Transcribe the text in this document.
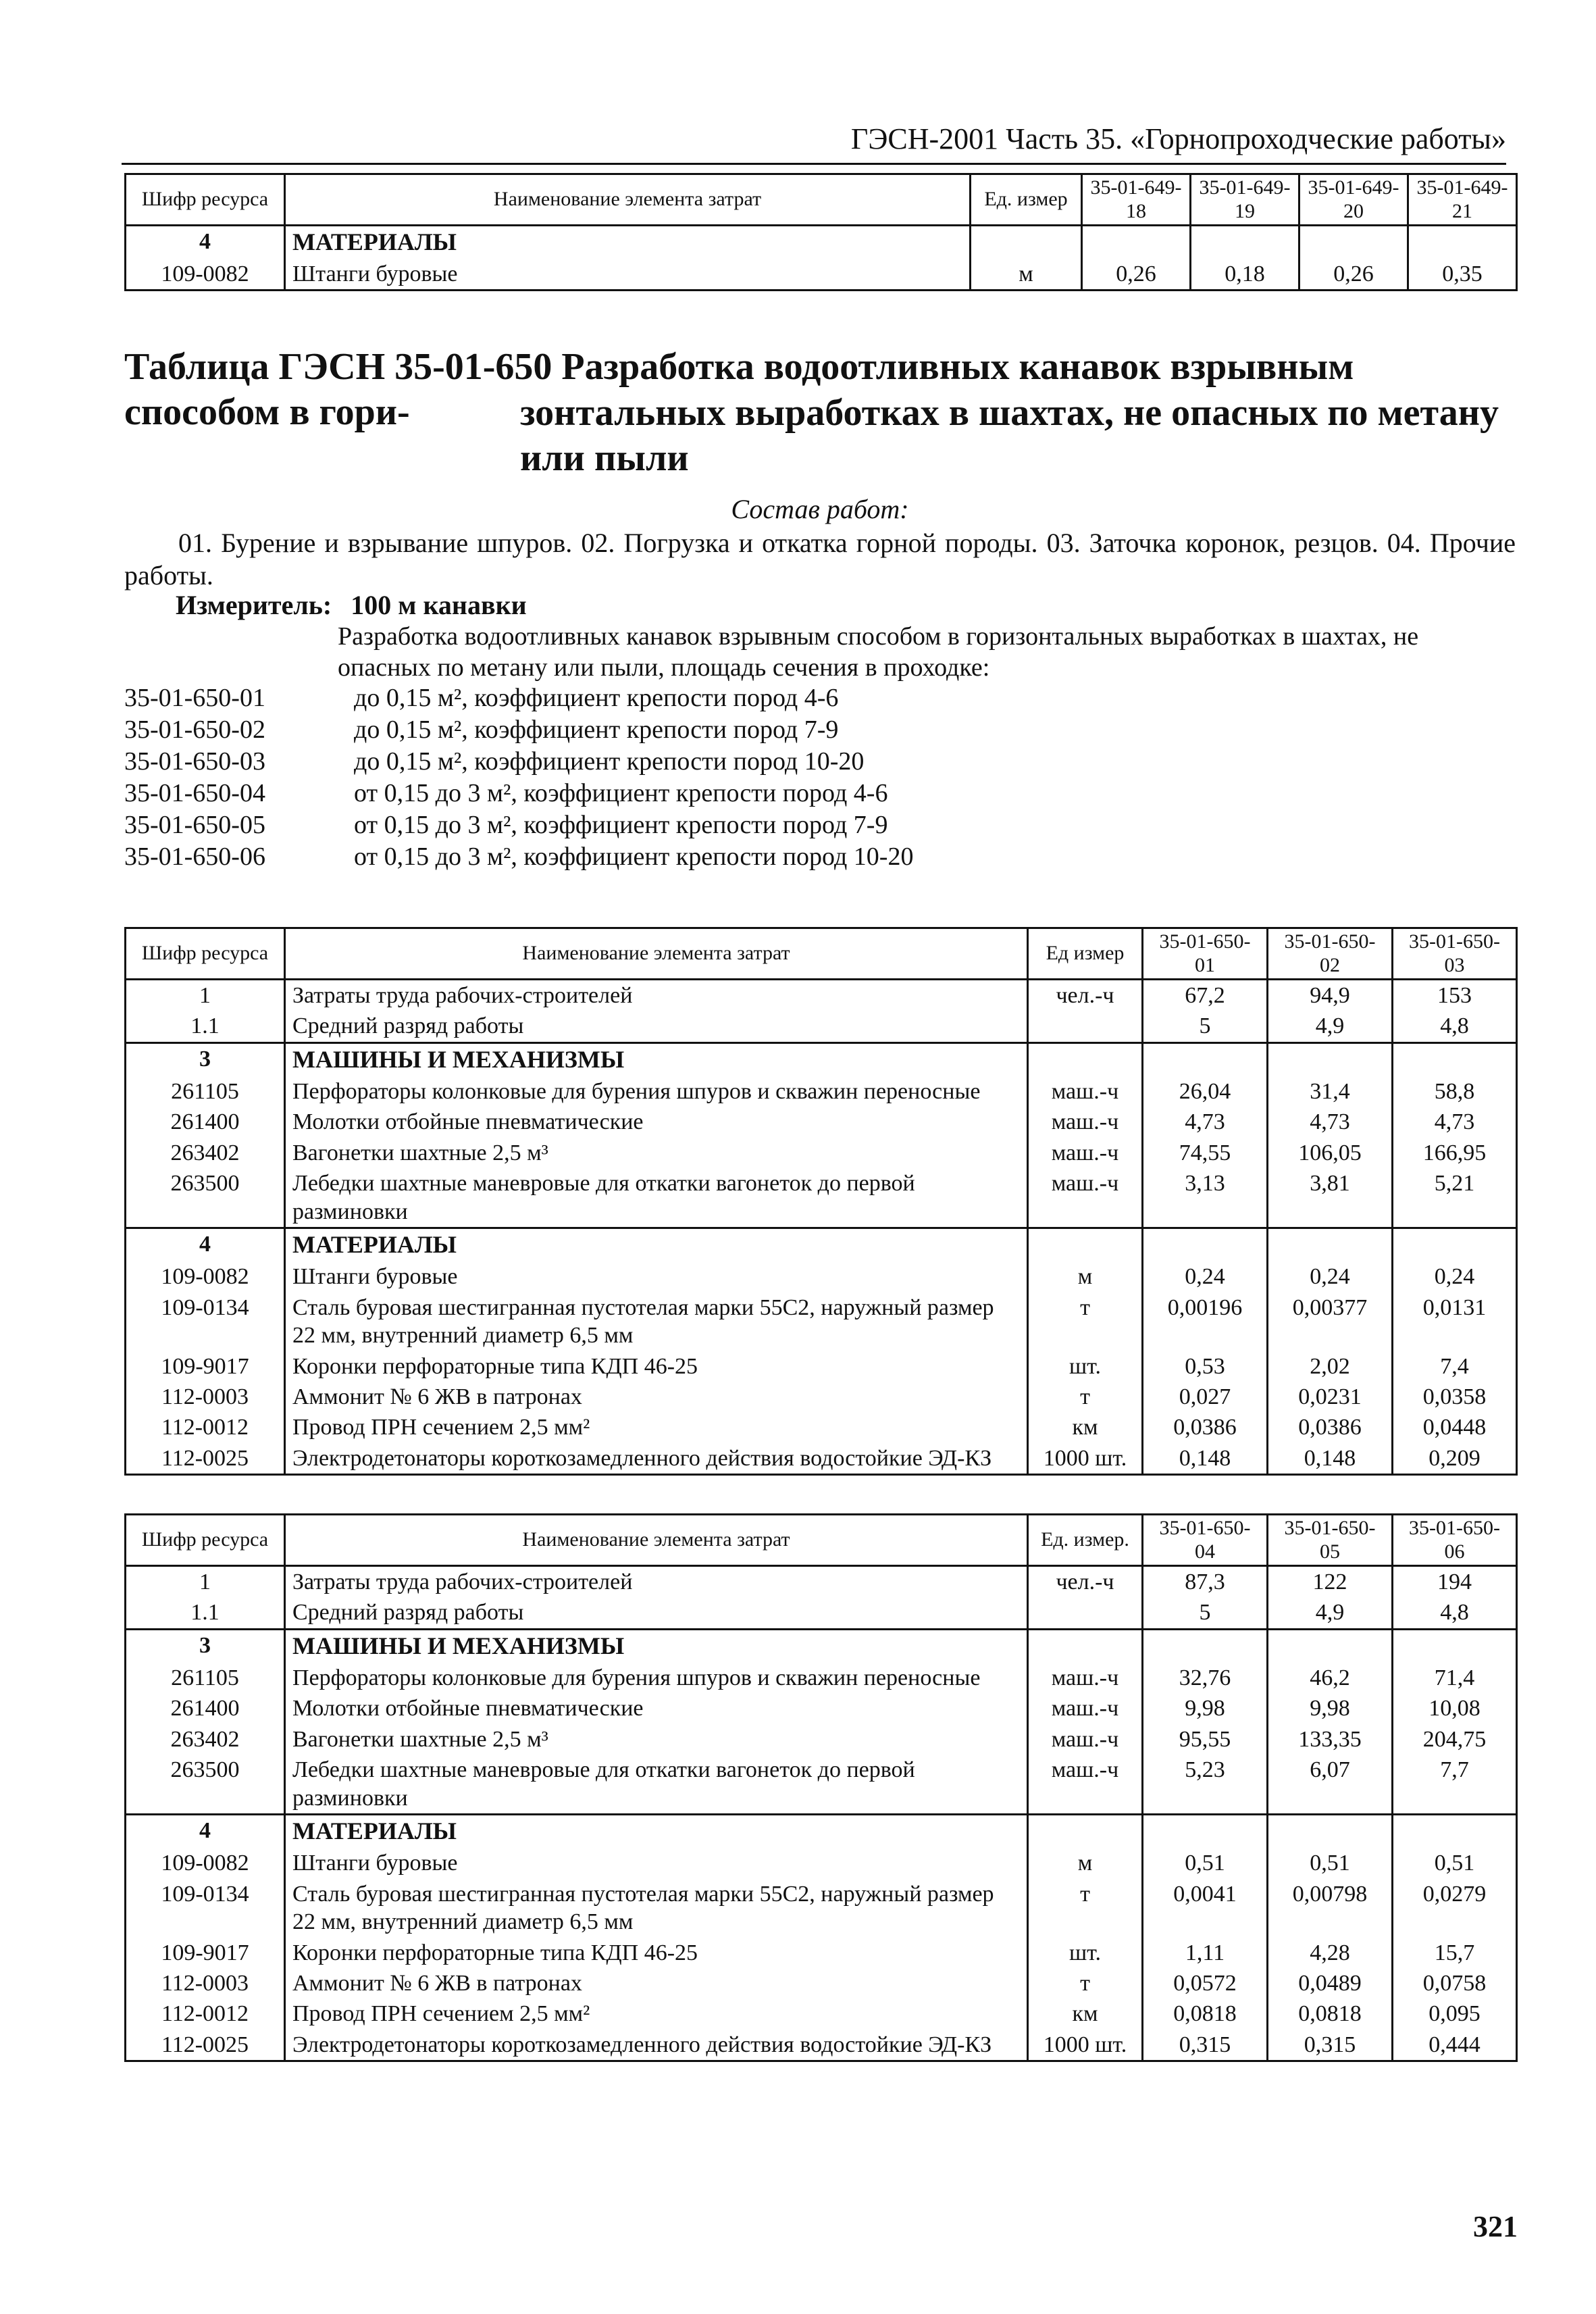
ГЭСН-2001 Часть 35. «Горнопроходческие работы»
Шифр ресурса	Наименование элемента затрат	Ед. измер	35-01-649-18	35-01-649-19	35-01-649-20	35-01-649-21
4	МАТЕРИАЛЫ					
109-0082	Штанги буровые	м	0,26	0,18	0,26	0,35
Таблица ГЭСН 35-01-650 Разработка водоотливных канавок взрывным способом в гори-	зонтальных выработках в шахтах, не опасных по метану или пыли
Состав работ:
01. Бурение и взрывание шпуров. 02. Погрузка и откатка горной породы. 03. Заточка коронок, резцов. 04. Прочие работы.
Измеритель: 100 м канавки
Разработка водоотливных канавок взрывным способом в горизонтальных выработках в шахтах, не опасных по метану или пыли, площадь сечения в проходке:
35-01-650-01	до 0,15 м², коэффициент крепости пород 4-6
35-01-650-02	до 0,15 м², коэффициент крепости пород 7-9
35-01-650-03	до 0,15 м², коэффициент крепости пород 10-20
35-01-650-04	от 0,15 до 3 м², коэффициент крепости пород 4-6
35-01-650-05	от 0,15 до 3 м², коэффициент крепости пород 7-9
35-01-650-06	от 0,15 до 3 м², коэффициент крепости пород 10-20
Шифр ресурса	Наименование элемента затрат	Ед измер	35-01-650-01	35-01-650-02	35-01-650-03
1	Затраты труда рабочих-строителей	чел.-ч	67,2	94,9	153
1.1	Средний разряд работы		5	4,9	4,8
3	МАШИНЫ И МЕХАНИЗМЫ				
261105	Перфораторы колонковые для бурения шпуров и скважин переносные	маш.-ч	26,04	31,4	58,8
261400	Молотки отбойные пневматические	маш.-ч	4,73	4,73	4,73
263402	Вагонетки шахтные 2,5 м³	маш.-ч	74,55	106,05	166,95
263500	Лебедки шахтные маневровые для откатки вагонеток до первой разминовки	маш.-ч	3,13	3,81	5,21
4	МАТЕРИАЛЫ				
109-0082	Штанги буровые	м	0,24	0,24	0,24
109-0134	Сталь буровая шестигранная пустотелая марки 55С2, наружный размер 22 мм, внутренний диаметр 6,5 мм	т	0,00196	0,00377	0,0131
109-9017	Коронки перфораторные типа КДП 46-25	шт.	0,53	2,02	7,4
112-0003	Аммонит № 6 ЖВ в патронах	т	0,027	0,0231	0,0358
112-0012	Провод ПРН сечением 2,5 мм²	км	0,0386	0,0386	0,0448
112-0025	Электродетонаторы короткозамедленного действия водостойкие ЭД-КЗ	1000 шт.	0,148	0,148	0,209
Шифр ресурса	Наименование элемента затрат	Ед. измер.	35-01-650-04	35-01-650-05	35-01-650-06
1	Затраты труда рабочих-строителей	чел.-ч	87,3	122	194
1.1	Средний разряд работы		5	4,9	4,8
3	МАШИНЫ И МЕХАНИЗМЫ				
261105	Перфораторы колонковые для бурения шпуров и скважин переносные	маш.-ч	32,76	46,2	71,4
261400	Молотки отбойные пневматические	маш.-ч	9,98	9,98	10,08
263402	Вагонетки шахтные 2,5 м³	маш.-ч	95,55	133,35	204,75
263500	Лебедки шахтные маневровые для откатки вагонеток до первой разминовки	маш.-ч	5,23	6,07	7,7
4	МАТЕРИАЛЫ				
109-0082	Штанги буровые	м	0,51	0,51	0,51
109-0134	Сталь буровая шестигранная пустотелая марки 55С2, наружный размер 22 мм, внутренний диаметр 6,5 мм	т	0,0041	0,00798	0,0279
109-9017	Коронки перфораторные типа КДП 46-25	шт.	1,11	4,28	15,7
112-0003	Аммонит № 6 ЖВ в патронах	т	0,0572	0,0489	0,0758
112-0012	Провод ПРН сечением 2,5 мм²	км	0,0818	0,0818	0,095
112-0025	Электродетонаторы короткозамедленного действия водостойкие ЭД-КЗ	1000 шт.	0,315	0,315	0,444
321
